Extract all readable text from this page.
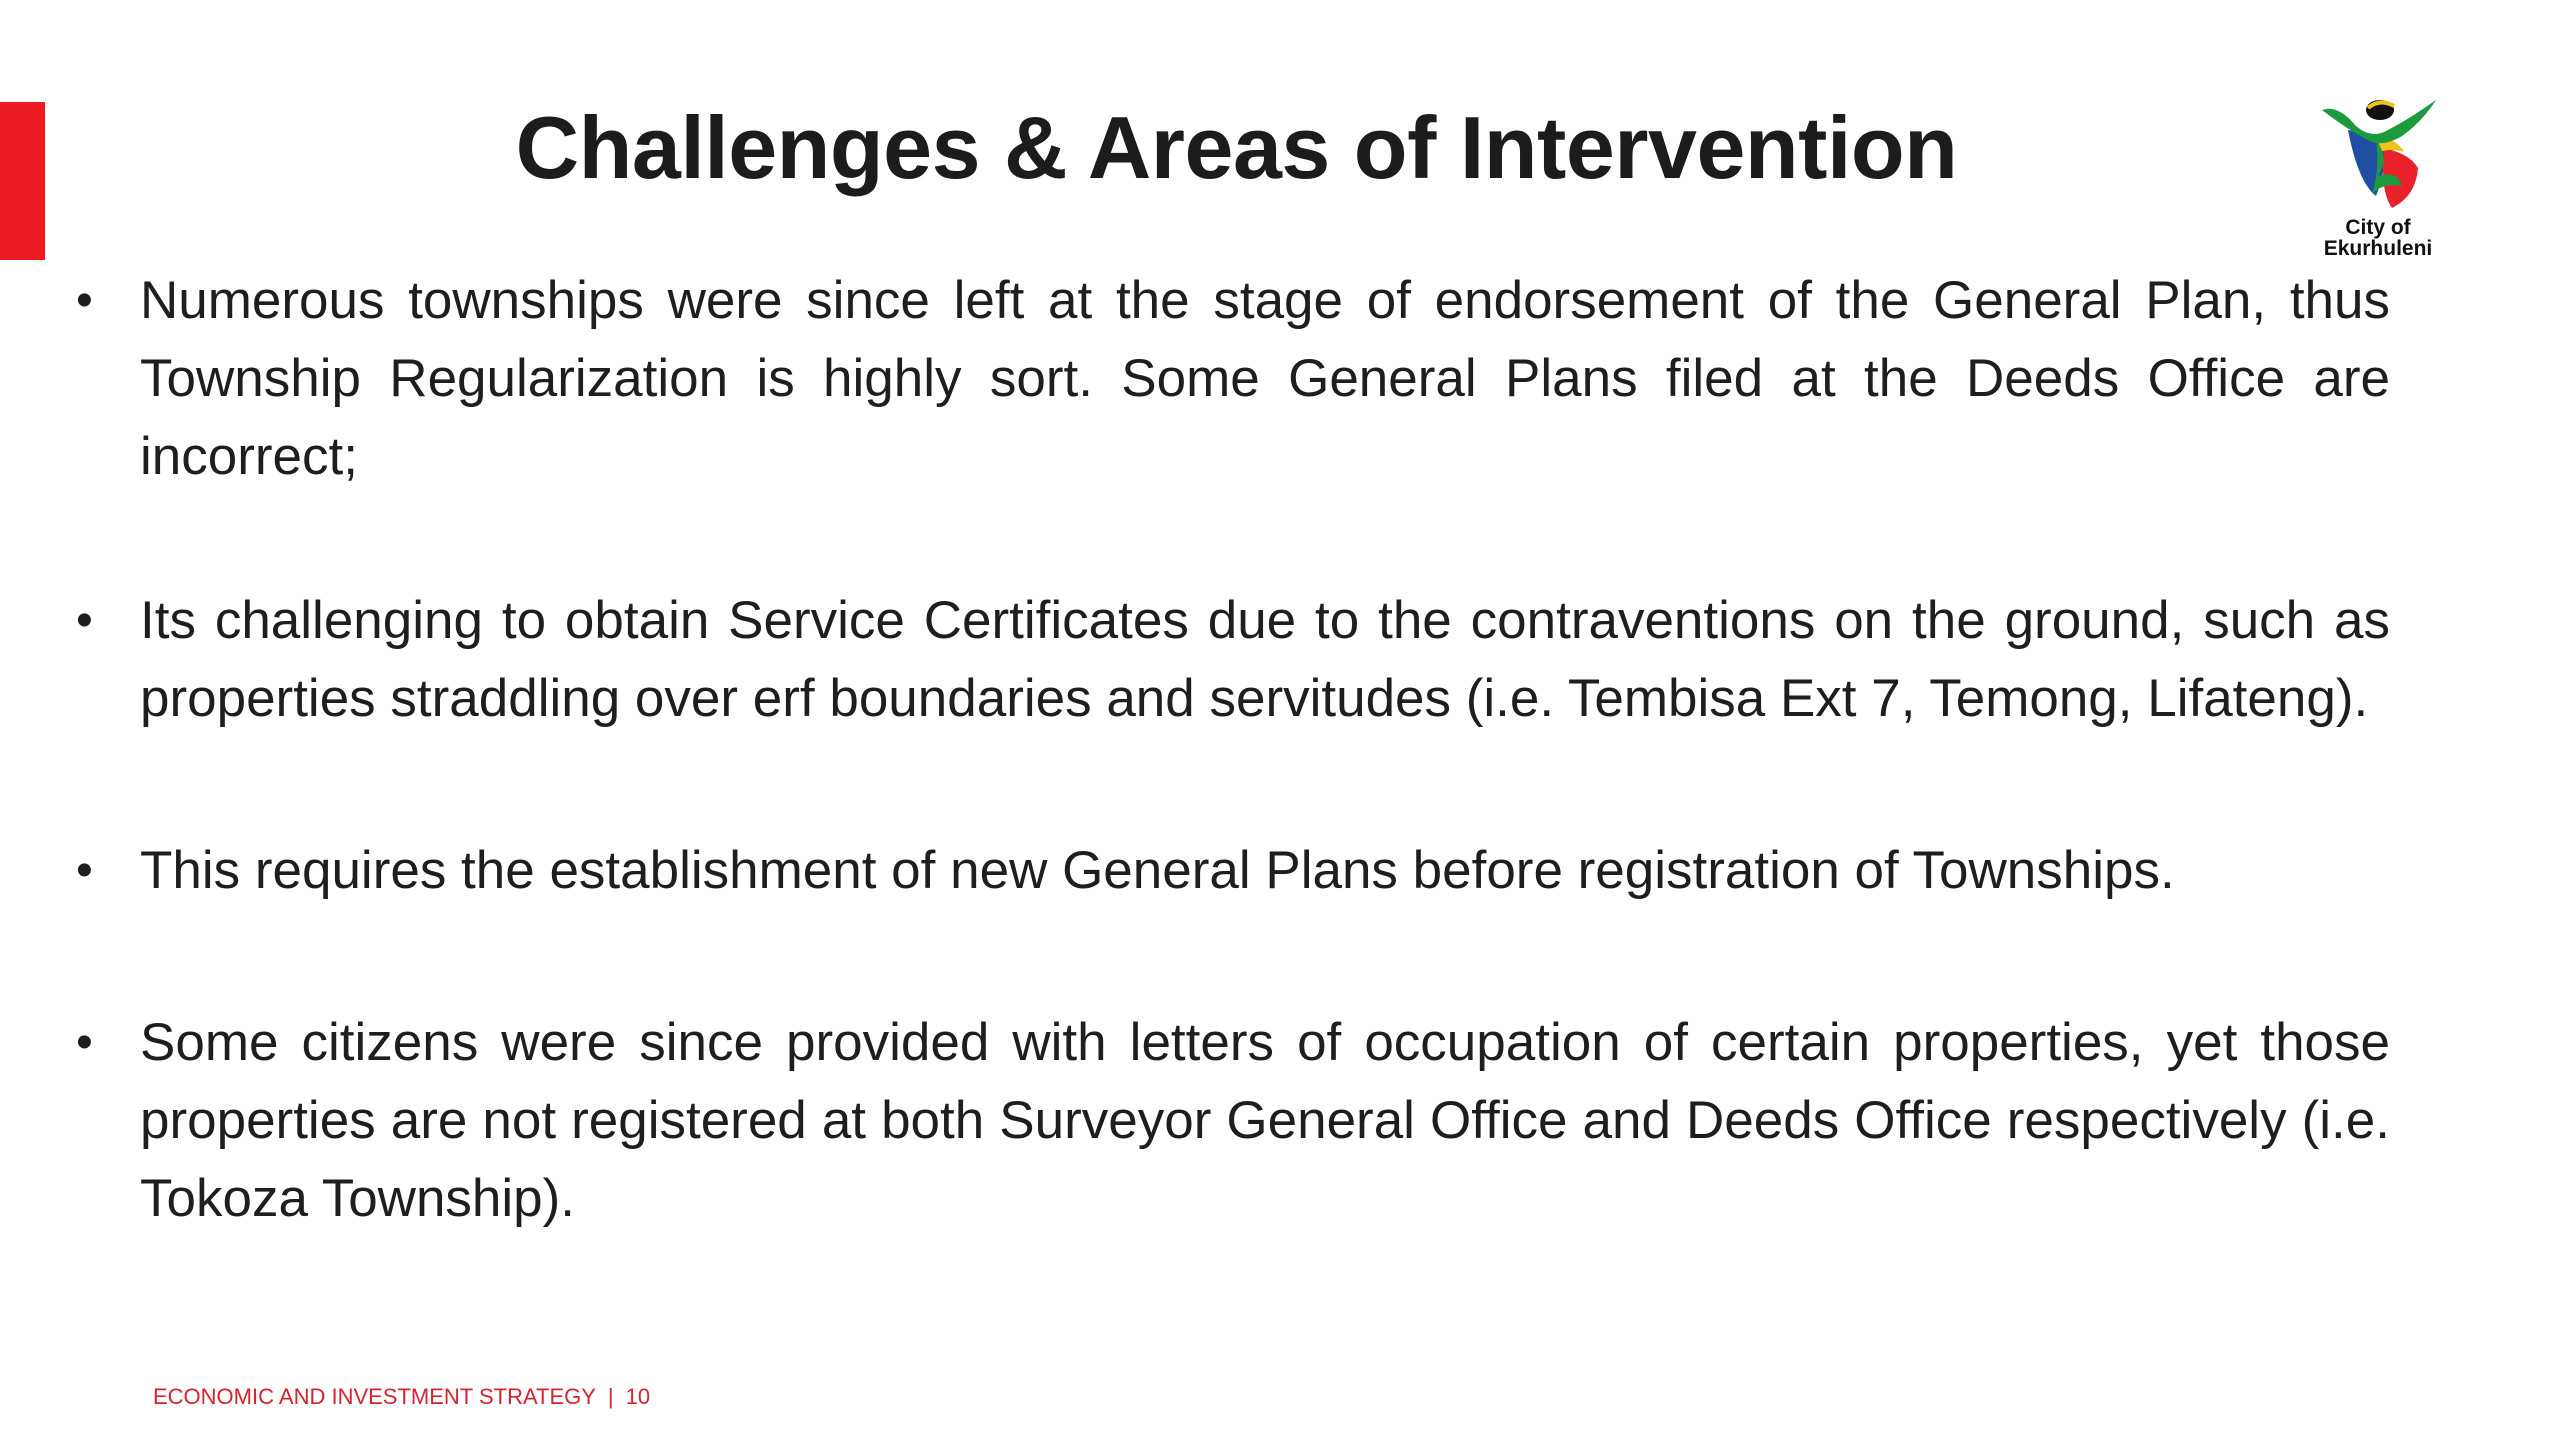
Challenges & Areas of Intervention
City of
Ekurhuleni
• Numerous townships were since left at the stage of endorsement of the General Plan, thus Township Regularization is highly sort. Some General Plans filed at the Deeds Office are incorrect;
• Its challenging to obtain Service Certificates due to the contraventions on the ground, such as properties straddling over erf boundaries and servitudes (i.e. Tembisa Ext 7, Temong, Lifateng).
• This requires the establishment of new General Plans before registration of Townships.
• Some citizens were since provided with letters of occupation of certain properties, yet those properties are not registered at both Surveyor General Office and Deeds Office respectively (i.e. Tokoza Township).
ECONOMIC AND INVESTMENT STRATEGY | 10
